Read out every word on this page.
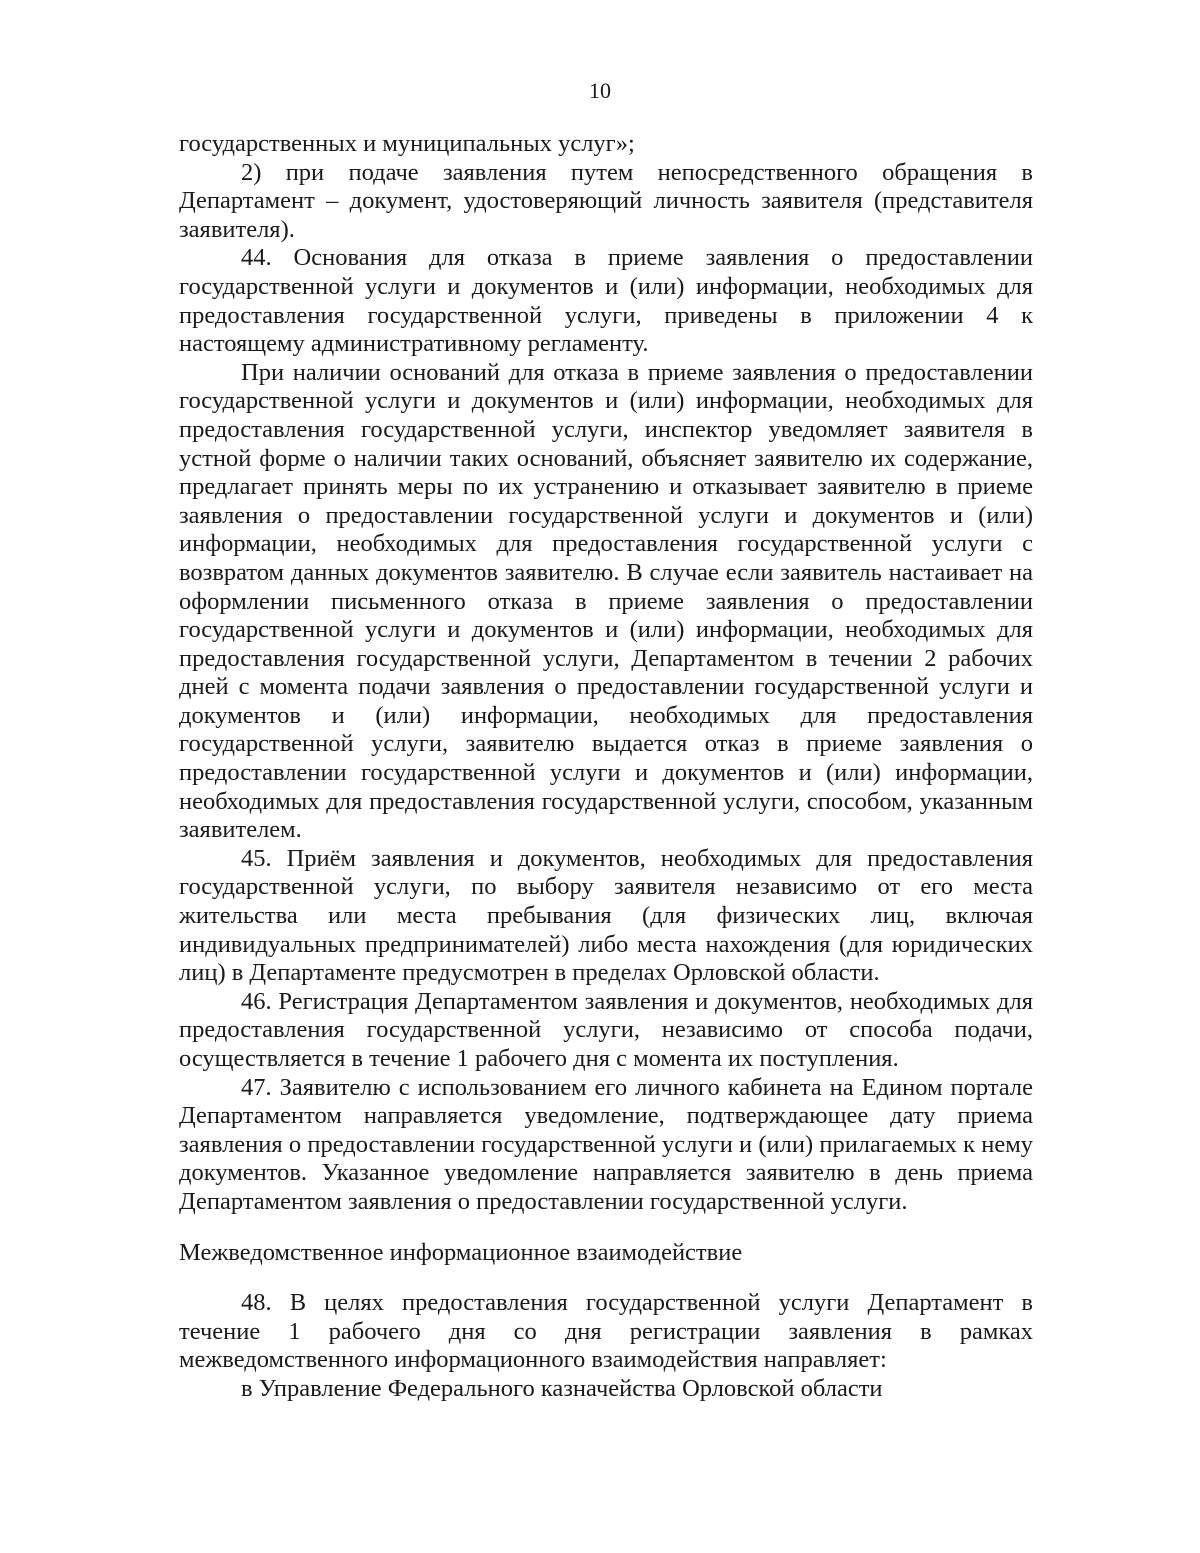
10

государственных и муниципальных услуг»;

2) при подаче заявления путем непосредственного обращения в Департамент – документ, удостоверяющий личность заявителя (представителя заявителя).

44. Основания для отказа в приеме заявления о предоставлении государственной услуги и документов и (или) информации, необходимых для предоставления государственной услуги, приведены в приложении 4 к настоящему административному регламенту.

При наличии оснований для отказа в приеме заявления о предоставлении государственной услуги и документов и (или) информации, необходимых для предоставления государственной услуги, инспектор уведомляет заявителя в устной форме о наличии таких оснований, объясняет заявителю их содержание, предлагает принять меры по их устранению и отказывает заявителю в приеме заявления о предоставлении государственной услуги и документов и (или) информации, необходимых для предоставления государственной услуги с возвратом данных документов заявителю. В случае если заявитель настаивает на оформлении письменного отказа в приеме заявления о предоставлении государственной услуги и документов и (или) информации, необходимых для предоставления государственной услуги, Департаментом в течении 2 рабочих дней с момента подачи заявления о предоставлении государственной услуги и документов и (или) информации, необходимых для предоставления государственной услуги, заявителю выдается отказ в приеме заявления о предоставлении государственной услуги и документов и (или) информации, необходимых для предоставления государственной услуги, способом, указанным заявителем.

45. Приём заявления и документов, необходимых для предоставления государственной услуги, по выбору заявителя независимо от его места жительства или места пребывания (для физических лиц, включая индивидуальных предпринимателей) либо места нахождения (для юридических лиц) в Департаменте предусмотрен в пределах Орловской области.

46. Регистрация Департаментом заявления и документов, необходимых для предоставления государственной услуги, независимо от способа подачи, осуществляется в течение 1 рабочего дня с момента их поступления.

47. Заявителю с использованием его личного кабинета на Едином портале Департаментом направляется уведомление, подтверждающее дату приема заявления о предоставлении государственной услуги и (или) прилагаемых к нему документов. Указанное уведомление направляется заявителю в день приема Департаментом заявления о предоставлении государственной услуги.

Межведомственное информационное взаимодействие

48. В целях предоставления государственной услуги Департамент в течение 1 рабочего дня со дня регистрации заявления в рамках межведомственного информационного взаимодействия направляет:

в Управление Федерального казначейства Орловской области
